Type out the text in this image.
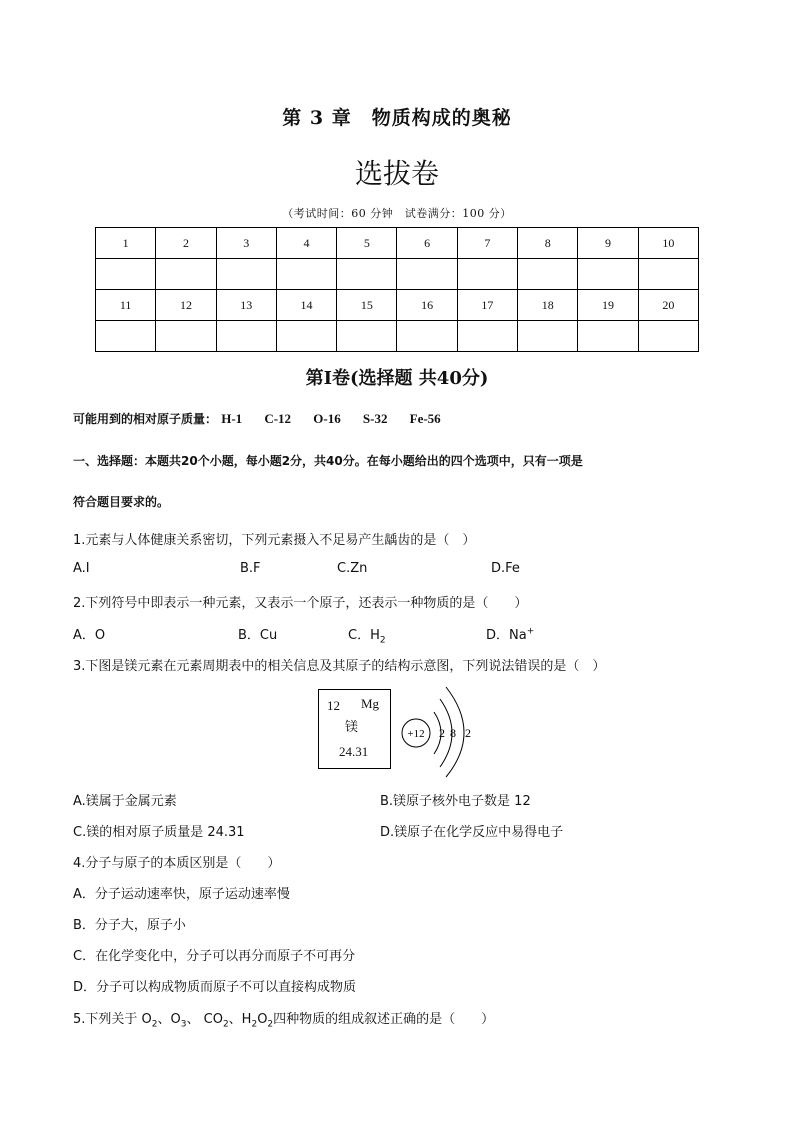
第 3 章　物质构成的奥秘
选拔卷
（考试时间：60 分钟　试卷满分：100 分）
1	2	3	4	5	6	7	8	9	10

11	12	13	14	15	16	17	18	19	20

第Ⅰ卷(选择题 共40分)
可能用到的相对原子质量： H-1 C-12 O-16 S-32 Fe-56
一、选择题：本题共20个小题，每小题2分，共40分。在每小题给出的四个选项中，只有一项是
符合题目要求的。
1.元素与人体健康关系密切，下列元素摄入不足易产生龋齿的是（　）
A.I	B.F	C.Zn	D.Fe
2.下列符号中即表示一种元素，又表示一个原子，还表示一种物质的是（　　）
A．O	B．Cu	C．$H_2$	D．Na+
3.下图是镁元素在元素周期表中的相关信息及其原子的结构示意图，下列说法错误的是（　）
12 Mg
镁
24.31
+12 2 8 2
A.镁属于金属元素	B.镁原子核外电子数是 12
C.镁的相对原子质量是 24.31	D.镁原子在化学反应中易得电子
4.分子与原子的本质区别是（　　）
A．分子运动速率快，原子运动速率慢
B．分子大，原子小
C．在化学变化中，分子可以再分而原子不可再分
D．分子可以构成物质而原子不可以直接构成物质
5.下列关于 $O_2$、$O_3$、 $CO_2$、$H_2O_2$四种物质的组成叙述正确的是（　　）
